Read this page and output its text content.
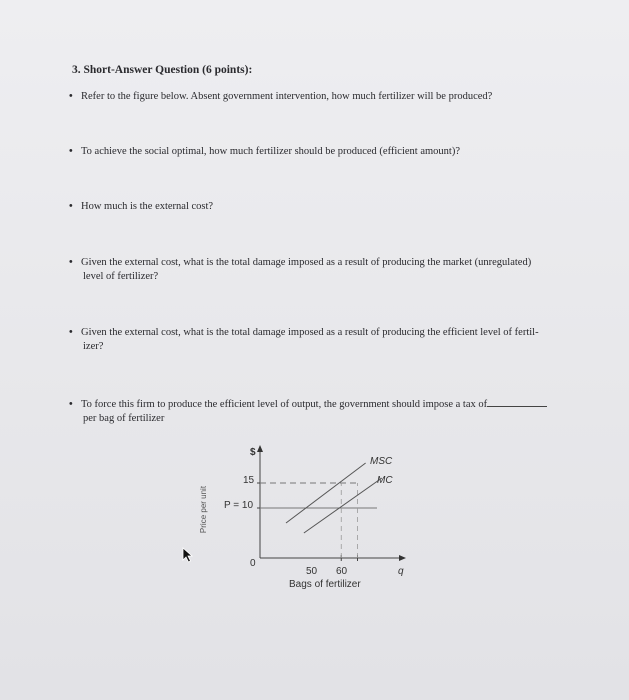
3. Short-Answer Question (6 points):

• Refer to the figure below. Absent government intervention, how much fertilizer will be produced?
• To achieve the social optimal, how much fertilizer should be produced (efficient amount)?
• How much is the external cost?
• Given the external cost, what is the total damage imposed as a result of producing the market (unregulated)
level of fertilizer?
• Given the external cost, what is the total damage imposed as a result of producing the efficient level of fertil-
izer?
• To force this firm to produce the efficient level of output, the government should impose a tax of
per bag of fertilizer
$
q
0
15
P = 10
50 60
Bags of fertilizer
MSC
MC
Price per unit
